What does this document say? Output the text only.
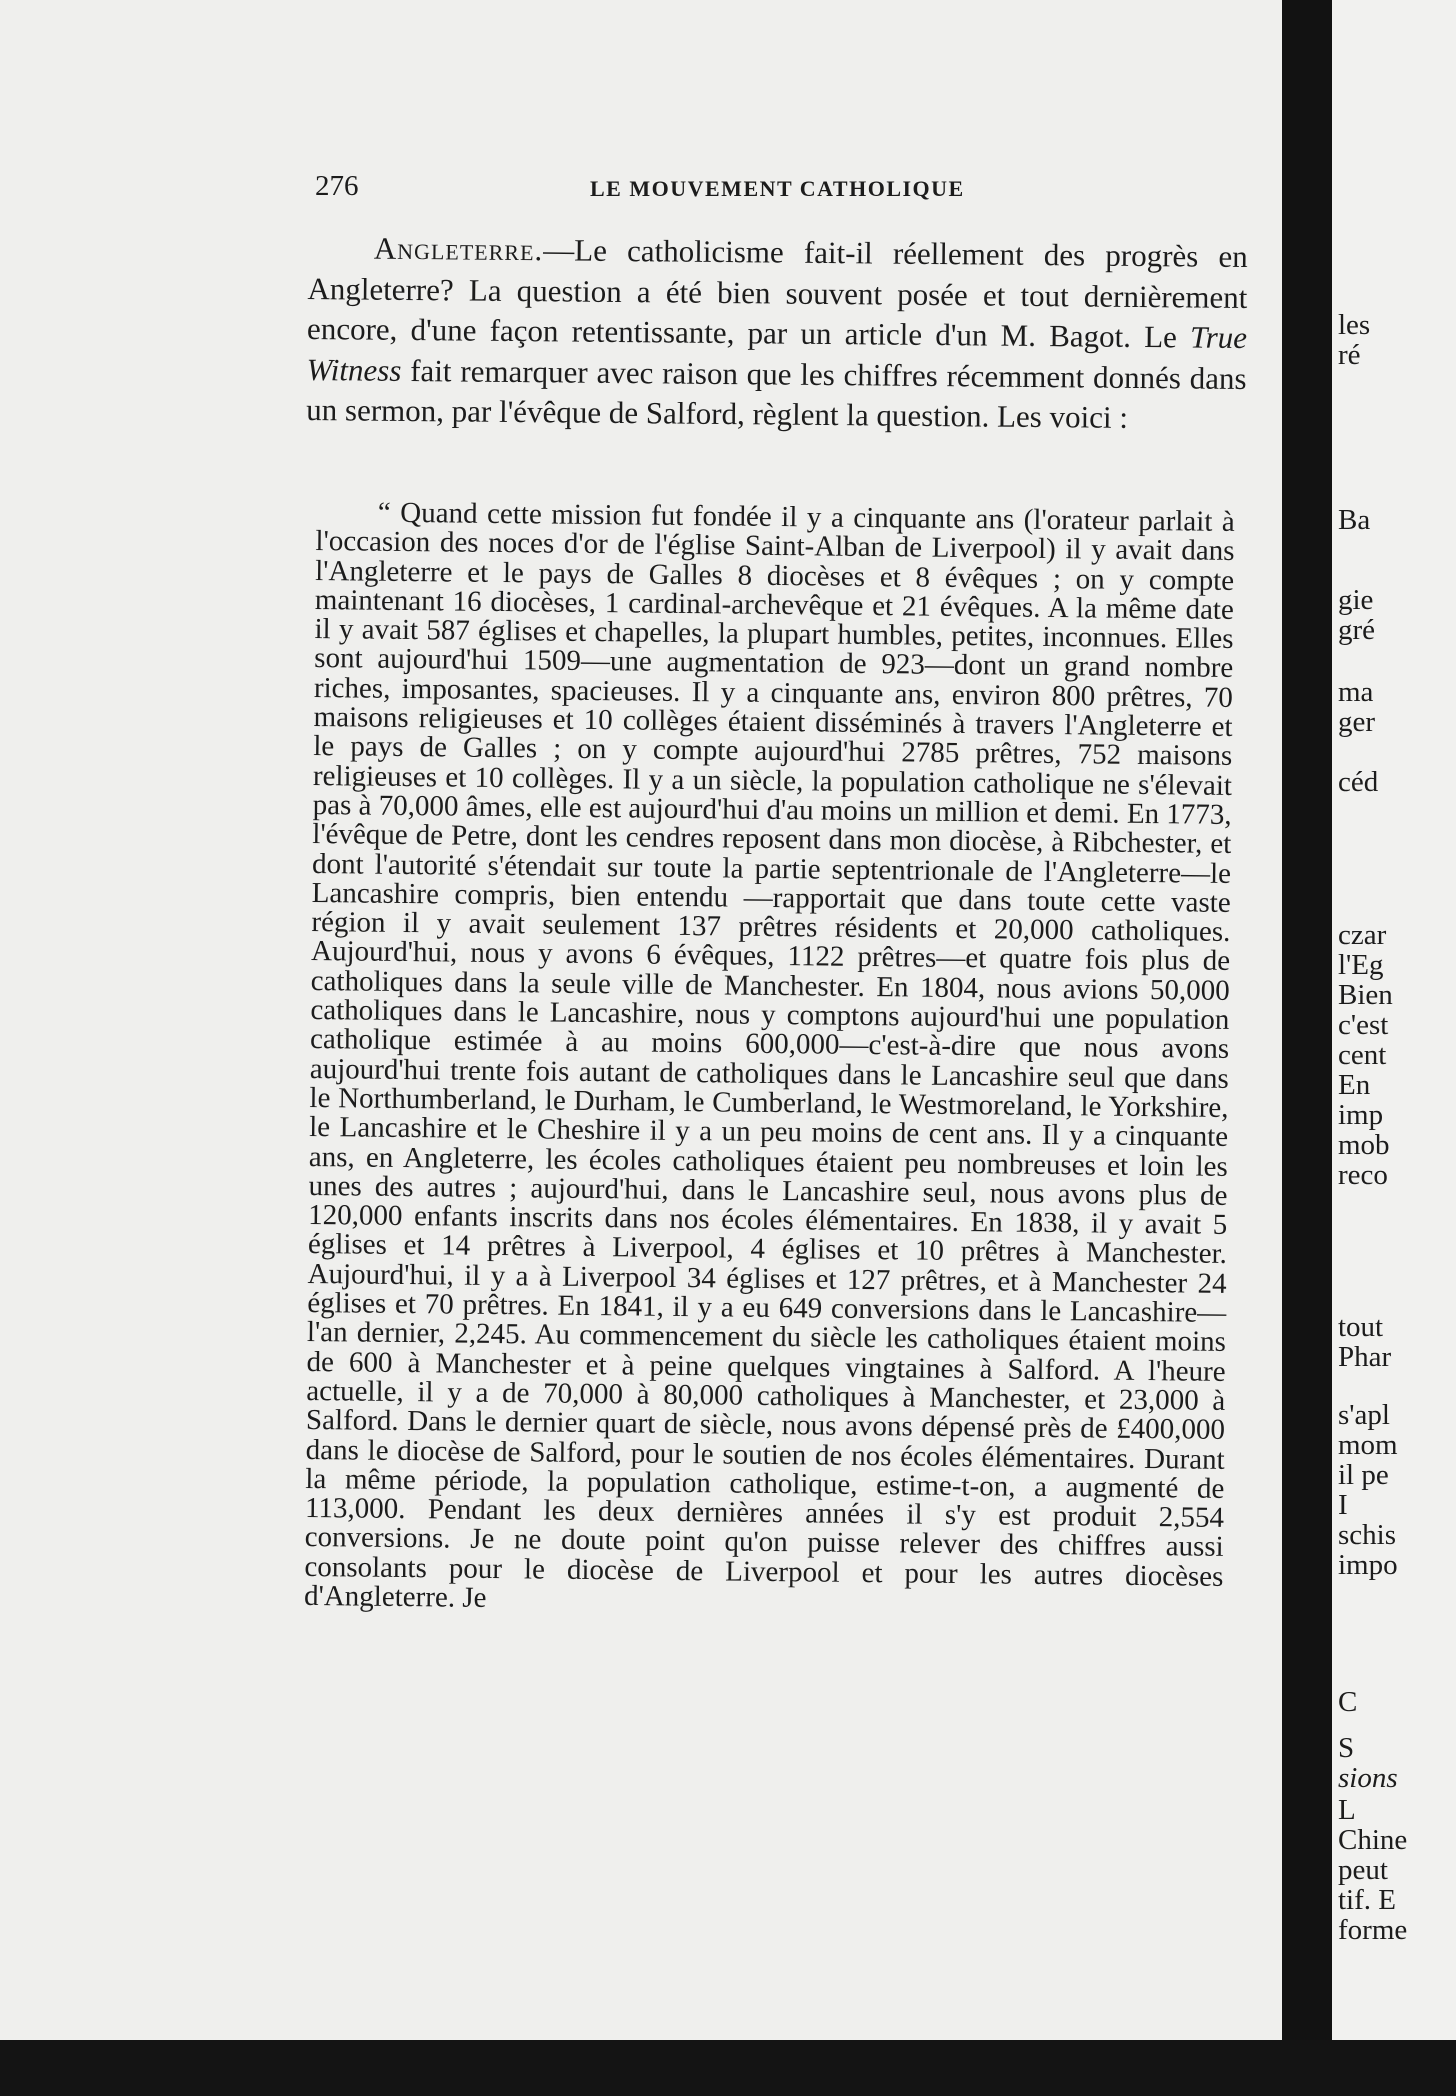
276	LE MOUVEMENT CATHOLIQUE

Angleterre.—Le catholicisme fait-il réellement des progrès en Angleterre? La question a été bien souvent posée et tout dernièrement encore, d'une façon retentissante, par un article d'un M. Bagot. Le True Witness fait remarquer avec raison que les chiffres récemment donnés dans un sermon, par l'évêque de Salford, règlent la question. Les voici :

“ Quand cette mission fut fondée il y a cinquante ans (l'orateur parlait à l'occasion des noces d'or de l'église Saint-Alban de Liverpool) il y avait dans l'Angleterre et le pays de Galles 8 diocèses et 8 évêques ; on y compte maintenant 16 diocèses, 1 cardinal-archevêque et 21 évêques. A la même date il y avait 587 églises et chapelles, la plupart humbles, petites, inconnues. Elles sont aujourd'hui 1509—une augmentation de 923—dont un grand nombre riches, imposantes, spacieuses. Il y a cinquante ans, environ 800 prêtres, 70 maisons religieuses et 10 collèges étaient disséminés à travers l'Angleterre et le pays de Galles ; on y compte aujourd'hui 2785 prêtres, 752 maisons religieuses et 10 collèges. Il y a un siècle, la population catholique ne s'élevait pas à 70,000 âmes, elle est aujourd'hui d'au moins un million et demi. En 1773, l'évêque de Petre, dont les cendres reposent dans mon diocèse, à Ribchester, et dont l'autorité s'étendait sur toute la partie septentrionale de l'Angleterre—le Lancashire compris, bien entendu —rapportait que dans toute cette vaste région il y avait seulement 137 prêtres résidents et 20,000 catholiques. Aujourd'hui, nous y avons 6 évêques, 1122 prêtres—et quatre fois plus de catholiques dans la seule ville de Manchester. En 1804, nous avions 50,000 catholiques dans le Lancashire, nous y comptons aujourd'hui une population catholique estimée à au moins 600,000—c'est-à-dire que nous avons aujourd'hui trente fois autant de catholiques dans le Lancashire seul que dans le Northumberland, le Durham, le Cumberland, le Westmoreland, le Yorkshire, le Lancashire et le Cheshire il y a un peu moins de cent ans. Il y a cinquante ans, en Angleterre, les écoles catholiques étaient peu nombreuses et loin les unes des autres ; aujourd'hui, dans le Lancashire seul, nous avons plus de 120,000 enfants inscrits dans nos écoles élémentaires. En 1838, il y avait 5 églises et 14 prêtres à Liverpool, 4 églises et 10 prêtres à Manchester. Aujourd'hui, il y a à Liverpool 34 églises et 127 prêtres, et à Manchester 24 églises et 70 prêtres. En 1841, il y a eu 649 conversions dans le Lancashire—l'an dernier, 2,245. Au commencement du siècle les catholiques étaient moins de 600 à Manchester et à peine quelques vingtaines à Salford. A l'heure actuelle, il y a de 70,000 à 80,000 catholiques à Manchester, et 23,000 à Salford. Dans le dernier quart de siècle, nous avons dépensé près de £400,000 dans le diocèse de Salford, pour le soutien de nos écoles élémentaires. Durant la même période, la population catholique, estime-t-on, a augmenté de 113,000. Pendant les deux dernières années il s'y est produit 2,554 conversions. Je ne doute point qu'on puisse relever des chiffres aussi consolants pour le diocèse de Liverpool et pour les autres diocèses d'Angleterre. Je

les
ré
Ba
gie
gré
ma
ger
céd
czar
l'Eg
Bien
c'est
cent
En
imp
mob
reco
tout
Phar
s'apl
mom
il pe
I
schis
impo
C
S
sions
L
Chine
peut
tif. E
forme
